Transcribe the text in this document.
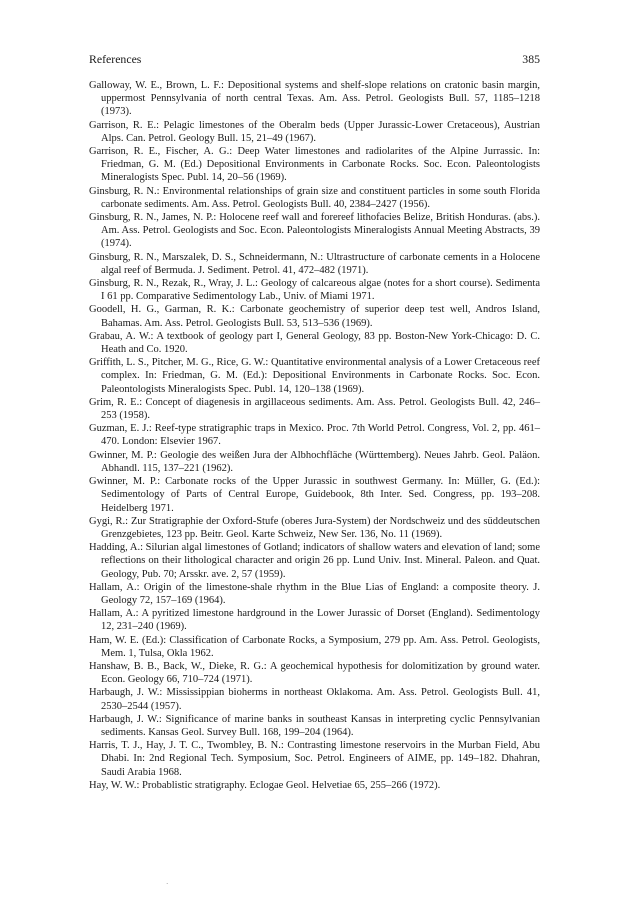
References	385

Galloway, W. E., Brown, L. F.: Depositional systems and shelf-slope relations on cratonic basin margin, uppermost Pennsylvania of north central Texas. Am. Ass. Petrol. Geologists Bull. 57, 1185–1218 (1973).

Garrison, R. E.: Pelagic limestones of the Oberalm beds (Upper Jurassic-Lower Cretaceous), Austrian Alps. Can. Petrol. Geology Bull. 15, 21–49 (1967).

Garrison, R. E., Fischer, A. G.: Deep Water limestones and radiolarites of the Alpine Jurrassic. In: Friedman, G. M. (Ed.) Depositional Environments in Carbonate Rocks. Soc. Econ. Paleontologists Mineralogists Spec. Publ. 14, 20–56 (1969).

Ginsburg, R. N.: Environmental relationships of grain size and constituent particles in some south Florida carbonate sediments. Am. Ass. Petrol. Geologists Bull. 40, 2384–2427 (1956).

Ginsburg, R. N., James, N. P.: Holocene reef wall and forereef lithofacies Belize, British Honduras. (abs.). Am. Ass. Petrol. Geologists and Soc. Econ. Paleontologists Mineralogists Annual Meeting Abstracts, 39 (1974).

Ginsburg, R. N., Marszalek, D. S., Schneidermann, N.: Ultrastructure of carbonate cements in a Holocene algal reef of Bermuda. J. Sediment. Petrol. 41, 472–482 (1971).

Ginsburg, R. N., Rezak, R., Wray, J. L.: Geology of calcareous algae (notes for a short course). Sedimenta I 61 pp. Comparative Sedimentology Lab., Univ. of Miami 1971.

Goodell, H. G., Garman, R. K.: Carbonate geochemistry of superior deep test well, Andros Island, Bahamas. Am. Ass. Petrol. Geologists Bull. 53, 513–536 (1969).

Grabau, A. W.: A textbook of geology part I, General Geology, 83 pp. Boston-New York-Chicago: D. C. Heath and Co. 1920.

Griffith, L. S., Pitcher, M. G., Rice, G. W.: Quantitative environmental analysis of a Lower Cretaceous reef complex. In: Friedman, G. M. (Ed.): Depositional Environments in Carbonate Rocks. Soc. Econ. Paleontologists Mineralogists Spec. Publ. 14, 120–138 (1969).

Grim, R. E.: Concept of diagenesis in argillaceous sediments. Am. Ass. Petrol. Geologists Bull. 42, 246–253 (1958).

Guzman, E. J.: Reef-type stratigraphic traps in Mexico. Proc. 7th World Petrol. Congress, Vol. 2, pp. 461–470. London: Elsevier 1967.

Gwinner, M. P.: Geologie des weißen Jura der Albhochfläche (Württemberg). Neues Jahrb. Geol. Paläon. Abhandl. 115, 137–221 (1962).

Gwinner, M. P.: Carbonate rocks of the Upper Jurassic in southwest Germany. In: Müller, G. (Ed.): Sedimentology of Parts of Central Europe, Guidebook, 8th Inter. Sed. Congress, pp. 193–208. Heidelberg 1971.

Gygi, R.: Zur Stratigraphie der Oxford-Stufe (oberes Jura-System) der Nordschweiz und des süddeutschen Grenzgebietes, 123 pp. Beitr. Geol. Karte Schweiz, New Ser. 136, No. 11 (1969).

Hadding, A.: Silurian algal limestones of Gotland; indicators of shallow waters and elevation of land; some reflections on their lithological character and origin 26 pp. Lund Univ. Inst. Mineral. Paleon. and Quat. Geology, Pub. 70; Arsskr. ave. 2, 57 (1959).

Hallam, A.: Origin of the limestone-shale rhythm in the Blue Lias of England: a composite theory. J. Geology 72, 157–169 (1964).

Hallam, A.: A pyritized limestone hardground in the Lower Jurassic of Dorset (England). Sedimentology 12, 231–240 (1969).

Ham, W. E. (Ed.): Classification of Carbonate Rocks, a Symposium, 279 pp. Am. Ass. Petrol. Geologists, Mem. 1, Tulsa, Okla 1962.

Hanshaw, B. B., Back, W., Dieke, R. G.: A geochemical hypothesis for dolomitization by ground water. Econ. Geology 66, 710–724 (1971).

Harbaugh, J. W.: Mississippian bioherms in northeast Oklakoma. Am. Ass. Petrol. Geologists Bull. 41, 2530–2544 (1957).

Harbaugh, J. W.: Significance of marine banks in southeast Kansas in interpreting cyclic Pennsylvanian sediments. Kansas Geol. Survey Bull. 168, 199–204 (1964).

Harris, T. J., Hay, J. T. C., Twombley, B. N.: Contrasting limestone reservoirs in the Murban Field, Abu Dhabi. In: 2nd Regional Tech. Symposium, Soc. Petrol. Engineers of AIME, pp. 149–182. Dhahran, Saudi Arabia 1968.

Hay, W. W.: Probablistic stratigraphy. Eclogae Geol. Helvetiae 65, 255–266 (1972).

·
